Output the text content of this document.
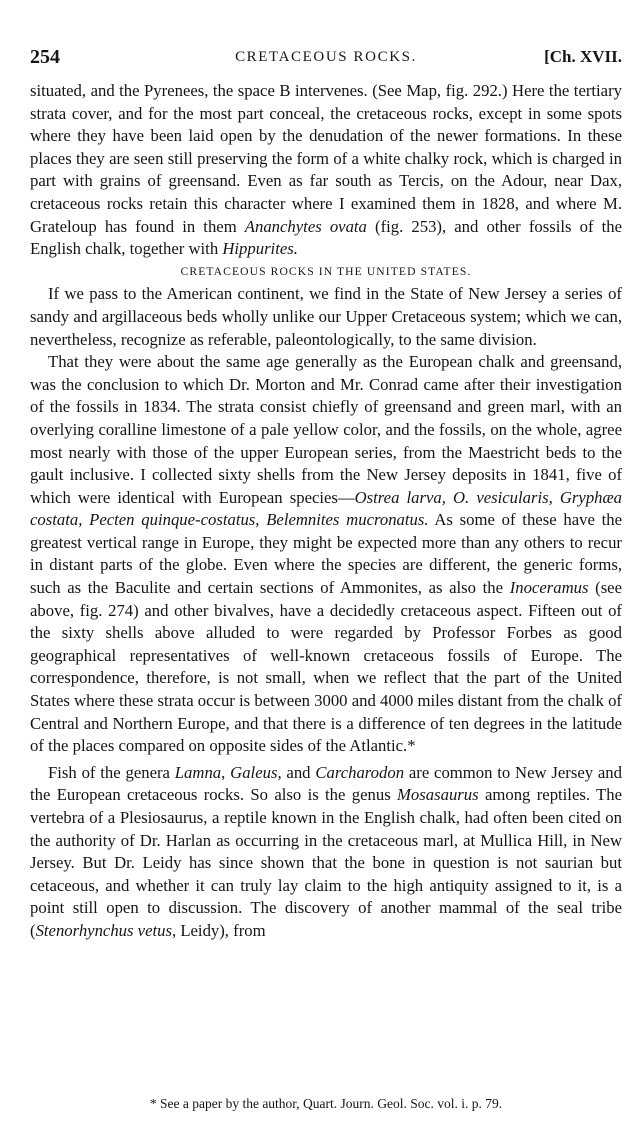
254	CRETACEOUS ROCKS.	[Ch. XVII.

situated, and the Pyrenees, the space B intervenes. (See Map, fig. 292.) Here the tertiary strata cover, and for the most part conceal, the cretaceous rocks, except in some spots where they have been laid open by the denudation of the newer formations. In these places they are seen still preserving the form of a white chalky rock, which is charged in part with grains of greensand. Even as far south as Tercis, on the Adour, near Dax, cretaceous rocks retain this character where I examined them in 1828, and where M. Grateloup has found in them Ananchytes ovata (fig. 253), and other fossils of the English chalk, together with Hippurites.

CRETACEOUS ROCKS IN THE UNITED STATES.

If we pass to the American continent, we find in the State of New Jersey a series of sandy and argillaceous beds wholly unlike our Upper Cretaceous system; which we can, nevertheless, recognize as referable, paleontologically, to the same division.

That they were about the same age generally as the European chalk and greensand, was the conclusion to which Dr. Morton and Mr. Conrad came after their investigation of the fossils in 1834. The strata consist chiefly of greensand and green marl, with an overlying coralline limestone of a pale yellow color, and the fossils, on the whole, agree most nearly with those of the upper European series, from the Maestricht beds to the gault inclusive. I collected sixty shells from the New Jersey deposits in 1841, five of which were identical with European species—Ostrea larva, O. vesicularis, Gryphæa costata, Pecten quinque-costatus, Belemnites mucronatus. As some of these have the greatest vertical range in Europe, they might be expected more than any others to recur in distant parts of the globe. Even where the species are different, the generic forms, such as the Baculite and certain sections of Ammonites, as also the Inoceramus (see above, fig. 274) and other bivalves, have a decidedly cretaceous aspect. Fifteen out of the sixty shells above alluded to were regarded by Professor Forbes as good geographical representatives of well-known cretaceous fossils of Europe. The correspondence, therefore, is not small, when we reflect that the part of the United States where these strata occur is between 3000 and 4000 miles distant from the chalk of Central and Northern Europe, and that there is a difference of ten degrees in the latitude of the places compared on opposite sides of the Atlantic.*

Fish of the genera Lamna, Galeus, and Carcharodon are common to New Jersey and the European cretaceous rocks. So also is the genus Mosasaurus among reptiles. The vertebra of a Plesiosaurus, a reptile known in the English chalk, had often been cited on the authority of Dr. Harlan as occurring in the cretaceous marl, at Mullica Hill, in New Jersey. But Dr. Leidy has since shown that the bone in question is not saurian but cetaceous, and whether it can truly lay claim to the high antiquity assigned to it, is a point still open to discussion. The discovery of another mammal of the seal tribe (Stenorhynchus vetus, Leidy), from

* See a paper by the author, Quart. Journ. Geol. Soc. vol. i. p. 79.
